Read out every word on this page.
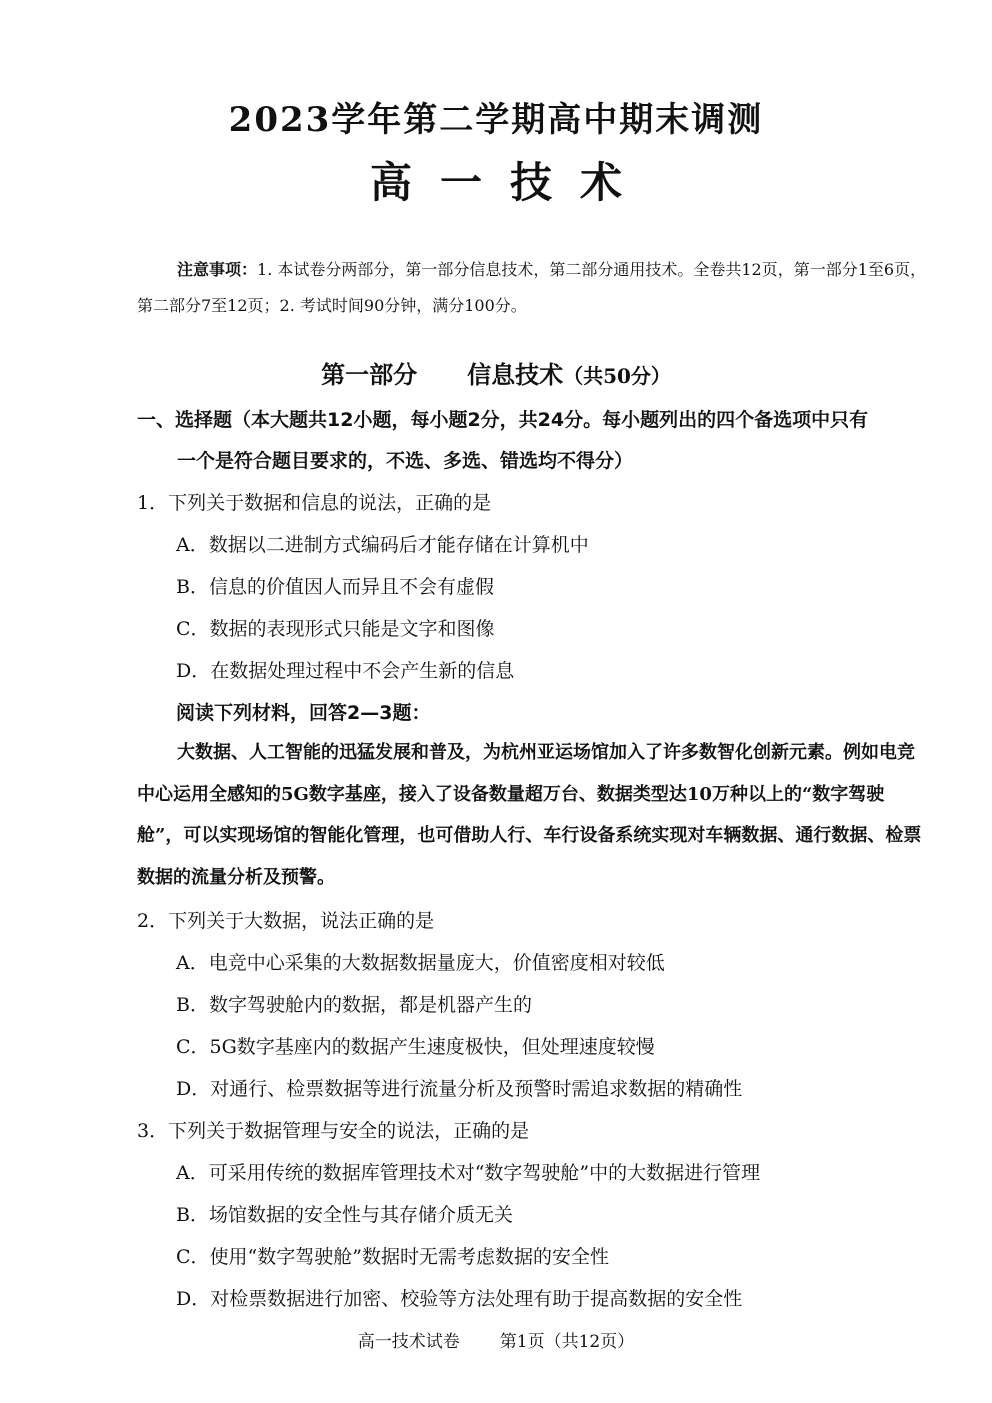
2023学年第二学期高中期末调测
高一技术
注意事项：1. 本试卷分两部分，第一部分信息技术，第二部分通用技术。全卷共12页，第一部分1至6页，第二部分7至12页；2. 考试时间90分钟，满分100分。
第一部分 信息技术（共50分）
一、选择题（本大题共12小题，每小题2分，共24分。每小题列出的四个备选项中只有
一个是符合题目要求的，不选、多选、错选均不得分）
1．下列关于数据和信息的说法，正确的是
A．数据以二进制方式编码后才能存储在计算机中
B．信息的价值因人而异且不会有虚假
C．数据的表现形式只能是文字和图像
D．在数据处理过程中不会产生新的信息
阅读下列材料，回答2—3题：
大数据、人工智能的迅猛发展和普及，为杭州亚运场馆加入了许多数智化创新元素。例如电竞中心运用全感知的5G数字基座，接入了设备数量超万台、数据类型达10万种以上的“数字驾驶舱”，可以实现场馆的智能化管理，也可借助人行、车行设备系统实现对车辆数据、通行数据、检票数据的流量分析及预警。
2．下列关于大数据，说法正确的是
A．电竞中心采集的大数据数据量庞大，价值密度相对较低
B．数字驾驶舱内的数据，都是机器产生的
C．5G数字基座内的数据产生速度极快，但处理速度较慢
D．对通行、检票数据等进行流量分析及预警时需追求数据的精确性
3．下列关于数据管理与安全的说法，正确的是
A．可采用传统的数据库管理技术对“数字驾驶舱”中的大数据进行管理
B．场馆数据的安全性与其存储介质无关
C．使用“数字驾驶舱”数据时无需考虑数据的安全性
D．对检票数据进行加密、校验等方法处理有助于提高数据的安全性
高一技术试卷 第1页（共12页）
